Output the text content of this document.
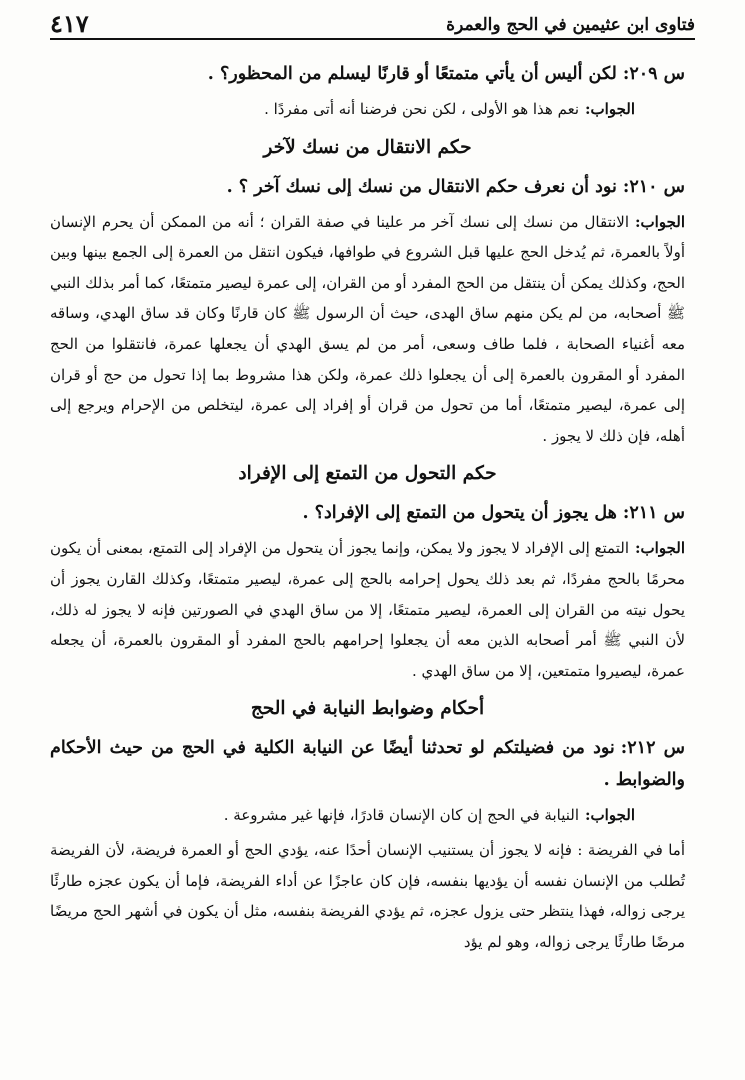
فتاوى ابن عثيمين في الحج والعمرة
٤١٧

س ٢٠٩:لكن أليس أن يأتي متمتعًا أو قارنًا ليسلم من المحظور؟ .

الجواب:نعم هذا هو الأولى ، لكن نحن فرضنا أنه أتى مفردًا .

حكم الانتقال من نسك لآخر

س ٢١٠:نود أن نعرف حكم الانتقال من نسك إلى نسك آخر ؟ .

الجواب:الانتقال من نسك إلى نسك آخر مر علينا في صفة القران ؛ أنه من الممكن أن يحرم الإنسان أولاً بالعمرة، ثم يُدخل الحج عليها قبل الشروع في طوافها، فيكون انتقل من العمرة إلى الجمع بينها وبين الحج، وكذلك يمكن أن ينتقل من الحج المفرد أو من القران، إلى عمرة ليصير متمتعًا، كما أمر بذلك النبي ﷺ أصحابه، من لم يكن منهم ساق الهدى، حيث أن الرسول ﷺ كان قارنًا وكان قد ساق الهدي، وساقه معه أغنياء الصحابة ، فلما طاف وسعى، أمر من لم يسق الهدي أن يجعلها عمرة، فانتقلوا من الحج المفرد أو المقرون بالعمرة إلى أن يجعلوا ذلك عمرة، ولكن هذا مشروط بما إذا تحول من حج أو قران إلى عمرة، ليصير متمتعًا، أما من تحول من قران أو إفراد إلى عمرة، ليتخلص من الإحرام ويرجع إلى أهله، فإن ذلك لا يجوز .

حكم التحول من التمتع إلى الإفراد

س ٢١١:هل يجوز أن يتحول من التمتع إلى الإفراد؟ .

الجواب:التمتع إلى الإفراد لا يجوز ولا يمكن، وإنما يجوز أن يتحول من الإفراد إلى التمتع، بمعنى أن يكون محرمًا بالحج مفردًا، ثم بعد ذلك يحول إحرامه بالحج إلى عمرة، ليصير متمتعًا، وكذلك القارن يجوز أن يحول نيته من القران إلى العمرة، ليصير متمتعًا، إلا من ساق الهدي في الصورتين فإنه لا يجوز له ذلك، لأن النبي ﷺ أمر أصحابه الذين معه أن يجعلوا إحرامهم بالحج المفرد أو المقرون بالعمرة، أن يجعله عمرة، ليصيروا متمتعين، إلا من ساق الهدي .

أحكام وضوابط النيابة في الحج

س ٢١٢:نود من فضيلتكم لو تحدثنا أيضًا عن النيابة الكلية في الحج من حيث الأحكام والضوابط .

الجواب:النيابة في الحج إن كان الإنسان قادرًا، فإنها غير مشروعة .

أما في الفريضة : فإنه لا يجوز أن يستنيب الإنسان أحدًا عنه، يؤدي الحج أو العمرة فريضة، لأن الفريضة تُطلب من الإنسان نفسه أن يؤديها بنفسه، فإن كان عاجزًا عن أداء الفريضة، فإما أن يكون عجزه طارئًا يرجى زواله، فهذا ينتظر حتى يزول عجزه، ثم يؤدي الفريضة بنفسه، مثل أن يكون في أشهر الحج مريضًا مرضًا طارئًا يرجى زواله، وهو لم يؤد
